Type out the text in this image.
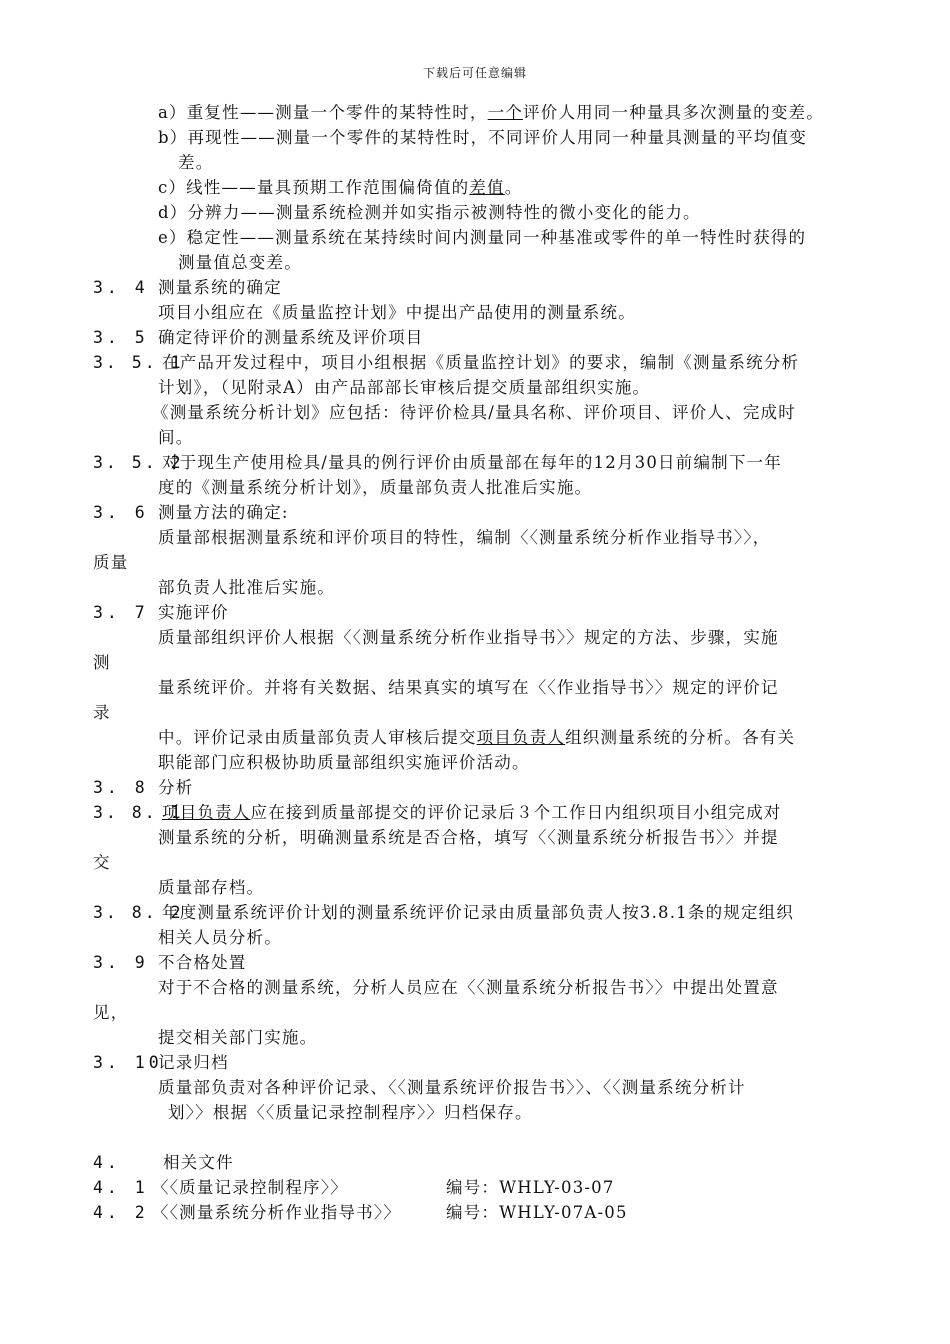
下载后可任意编辑
a）重复性——测量一个零件的某特性时，一个评价人用同一种量具多次测量的变差。
b）再现性——测量一个零件的某特性时，不同评价人用同一种量具测量的平均值变
差。
c）线性——量具预期工作范围偏倚值的差值。
d）分辨力——测量系统检测并如实指示被测特性的微小变化的能力。
e）稳定性——测量系统在某持续时间内测量同一种基准或零件的单一特性时获得的
测量值总变差。
3. 4 测量系统的确定
项目小组应在《质量监控计划》中提出产品使用的测量系统。
3. 5 确定待评价的测量系统及评价项目
3. 5. 1
在产品开发过程中，项目小组根据《质量监控计划》的要求，编制《测量系统分析
计划》，（见附录A）由产品部部长审核后提交质量部组织实施。
《测量系统分析计划》应包括：待评价检具/量具名称、评价项目、评价人、完成时
间。
3. 5. 2
对于现生产使用检具/量具的例行评价由质量部在每年的12月30日前编制下一年
度的《测量系统分析计划》，质量部负责人批准后实施。
3. 6 测量方法的确定:
质量部根据测量系统和评价项目的特性，编制〈〈测量系统分析作业指导书〉〉，
质量
部负责人批准后实施。
3. 7 实施评价
质量部组织评价人根据〈〈测量系统分析作业指导书〉〉规定的方法、步骤，实施
测
量系统评价。并将有关数据、结果真实的填写在〈〈作业指导书〉〉规定的评价记
录
中。评价记录由质量部负责人审核后提交项目负责人组织测量系统的分析。各有关
职能部门应积极协助质量部组织实施评价活动。
3. 8 分析
3. 8. 1
项目负责人应在接到质量部提交的评价记录后３个工作日内组织项目小组完成对
测量系统的分析，明确测量系统是否合格，填写〈〈测量系统分析报告书〉〉并提
交
质量部存档。
3. 8. 2
年度测量系统评价计划的测量系统评价记录由质量部负责人按3.8.1条的规定组织
相关人员分析。
3. 9 不合格处置
对于不合格的测量系统，分析人员应在〈〈测量系统分析报告书〉〉中提出处置意
见，
提交相关部门实施。
3. 10
记录归档
质量部负责对各种评价记录、〈〈测量系统评价报告书〉〉、〈〈测量系统分析计
划〉〉根据〈〈质量记录控制程序〉〉归档保存。
4.	相关文件
4. 1 〈〈质量记录控制程序〉〉	编号：WHLY-03-07
4. 2 〈〈测量系统分析作业指导书〉〉	编号：WHLY-07A-05
